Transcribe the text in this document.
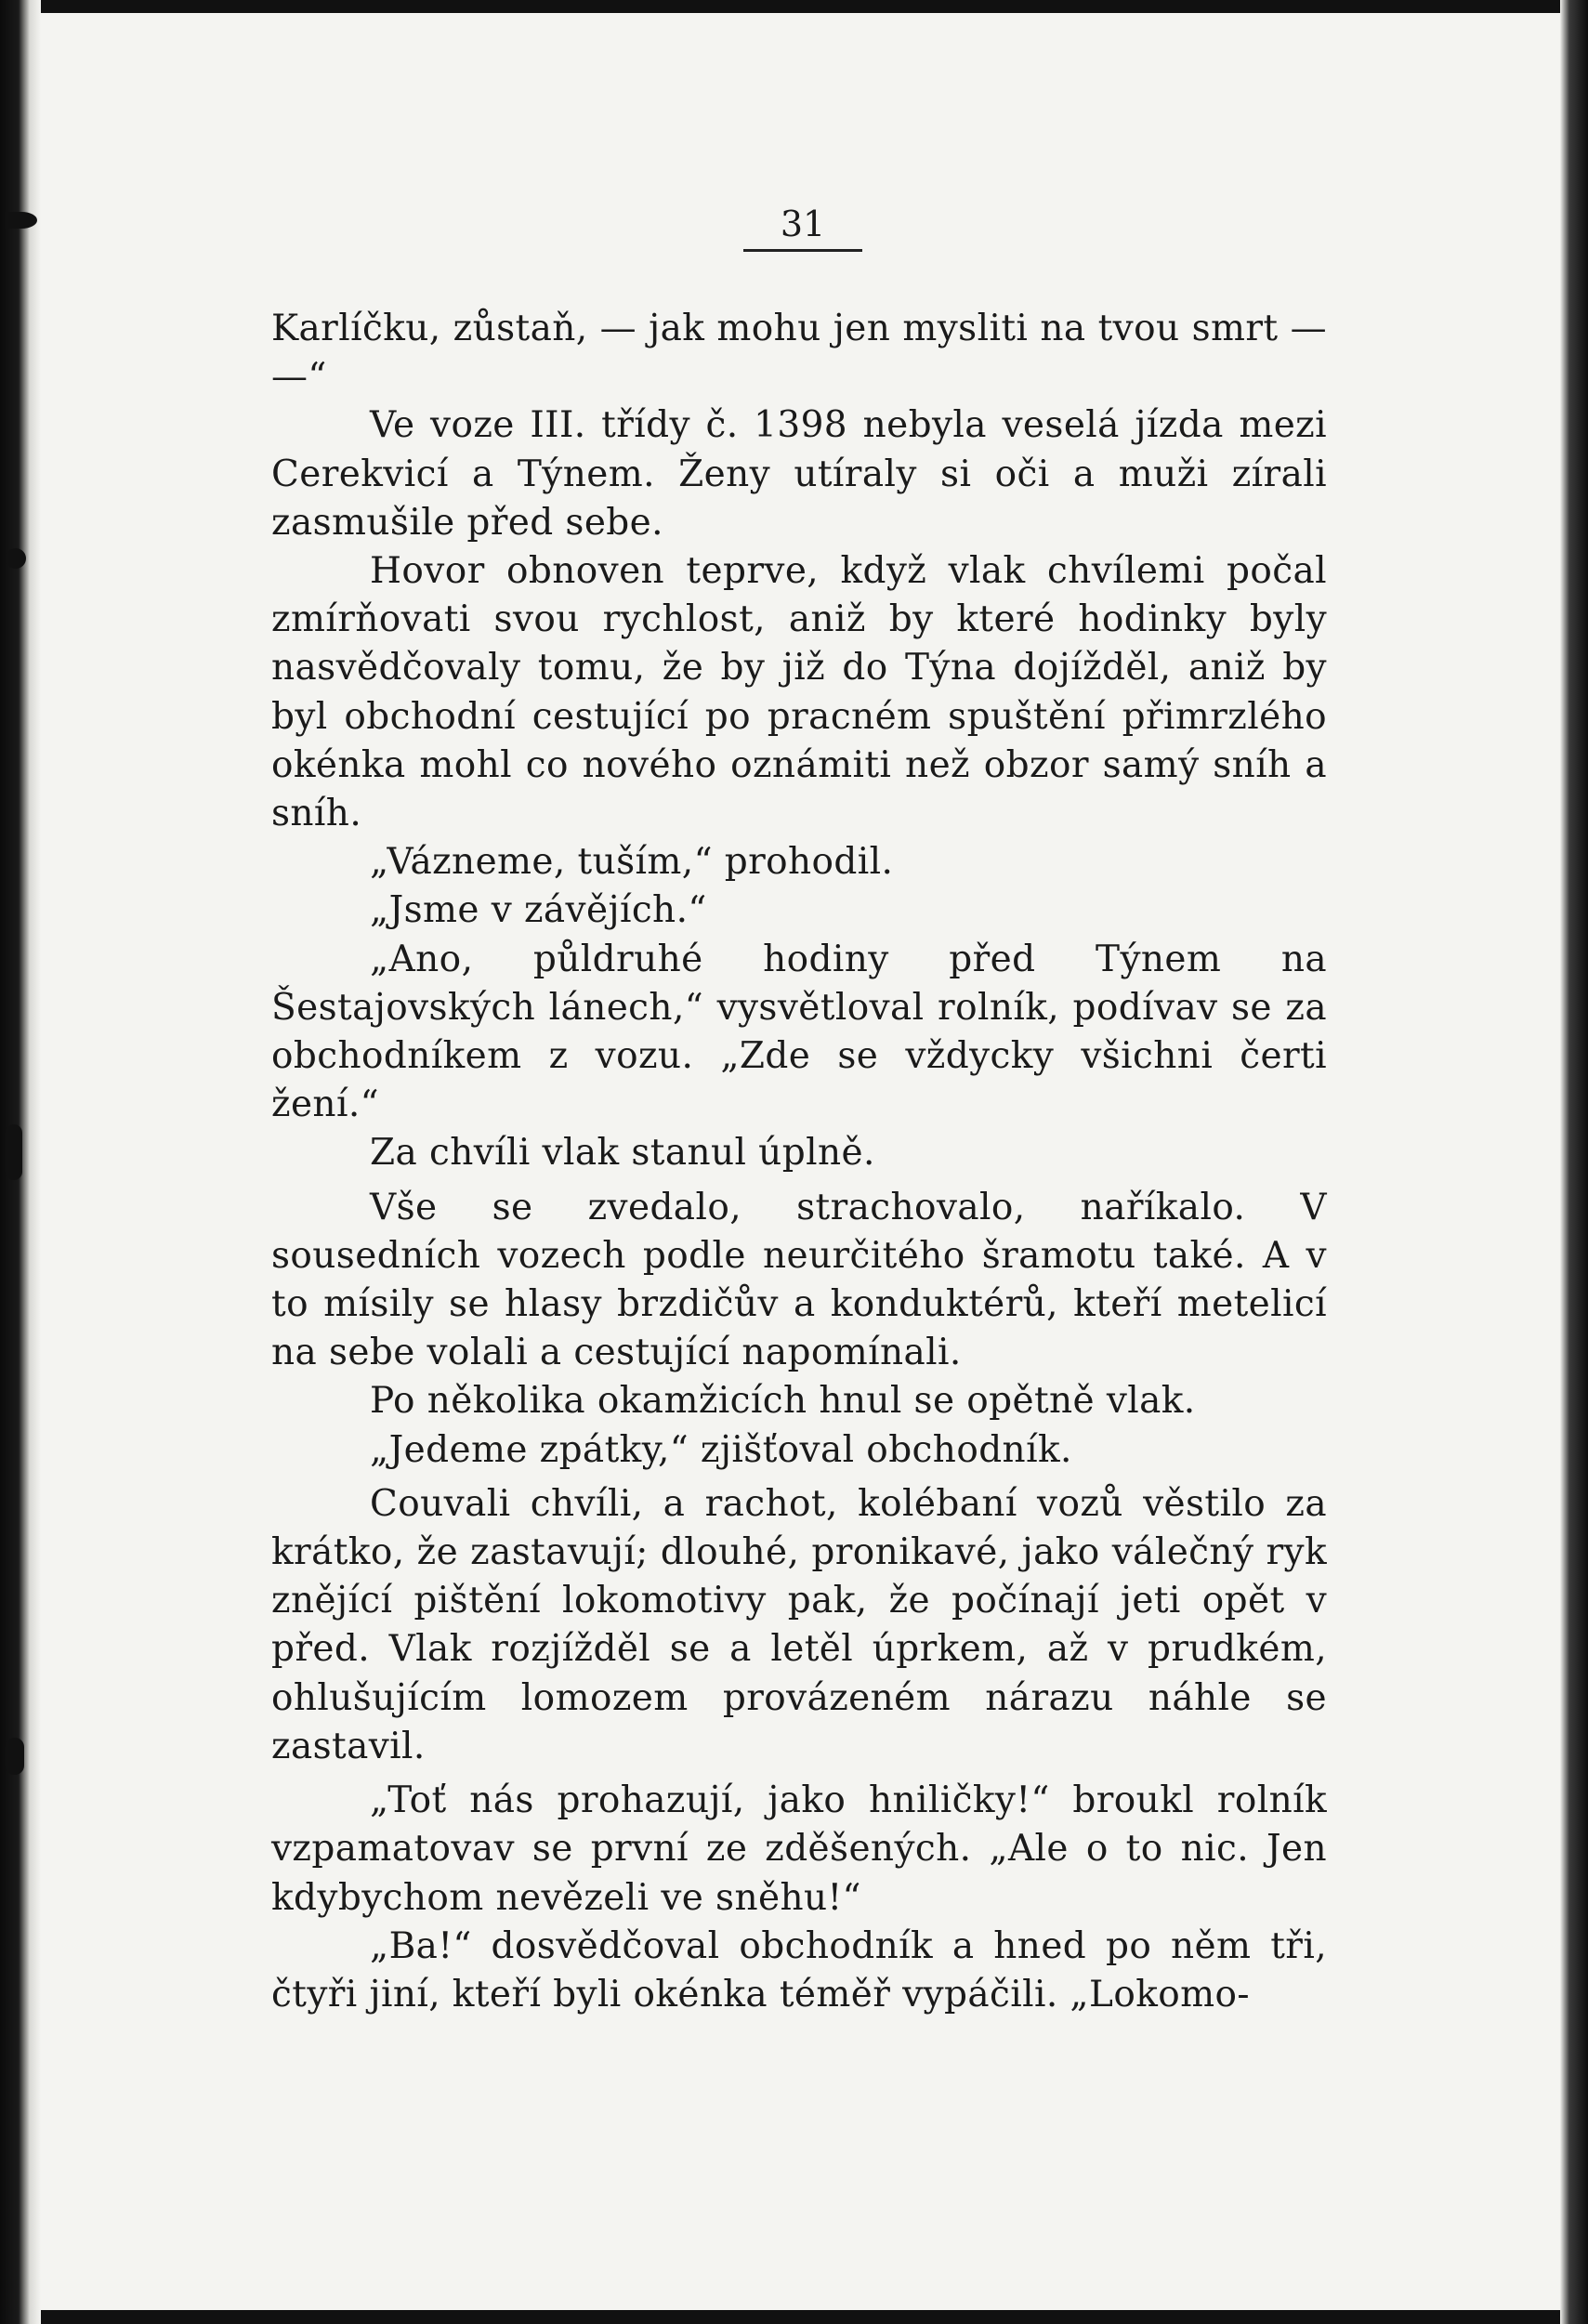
31

Karlíčku, zůstaň, — jak mohu jen mysliti na tvou smrt — —“

Ve voze III. třídy č. 1398 nebyla veselá jízda mezi Cerekvicí a Týnem. Ženy utíraly si oči a muži zírali zasmušile před sebe.

Hovor obnoven teprve, když vlak chvílemi počal zmírňovati svou rychlost, aniž by které hodinky byly nasvědčovaly tomu, že by již do Týna dojížděl, aniž by byl obchodní cestující po pracném spuštění přimrzlého okénka mohl co nového oznámiti než obzor samý sníh a sníh.

„Vázneme, tuším,“ prohodil.

„Jsme v závějích.“

„Ano, půldruhé hodiny před Týnem na Šestajovských lánech,“ vysvětloval rolník, podívav se za obchodníkem z vozu. „Zde se vždycky všichni čerti žení.“

Za chvíli vlak stanul úplně.

Vše se zvedalo, strachovalo, naříkalo. V sousedních vozech podle neurčitého šramotu také. A v to mísily se hlasy brzdičův a konduktérů, kteří metelicí na sebe volali a cestující napomínali.

Po několika okamžicích hnul se opětně vlak.

„Jedeme zpátky,“ zjišťoval obchodník.

Couvali chvíli, a rachot, kolébaní vozů věstilo za krátko, že zastavují; dlouhé, pronikavé, jako válečný ryk znějící pištění lokomotivy pak, že počínají jeti opět v před. Vlak rozjížděl se a letěl úprkem, až v prudkém, ohlušujícím lomozem provázeném nárazu náhle se zastavil.

„Toť nás prohazují, jako hniličky!“ broukl rolník vzpamatovav se první ze zděšených. „Ale o to nic. Jen kdybychom nevězeli ve sněhu!“

„Ba!“ dosvědčoval obchodník a hned po něm tři, čtyři jiní, kteří byli okénka téměř vypáčili. „Lokomo-
